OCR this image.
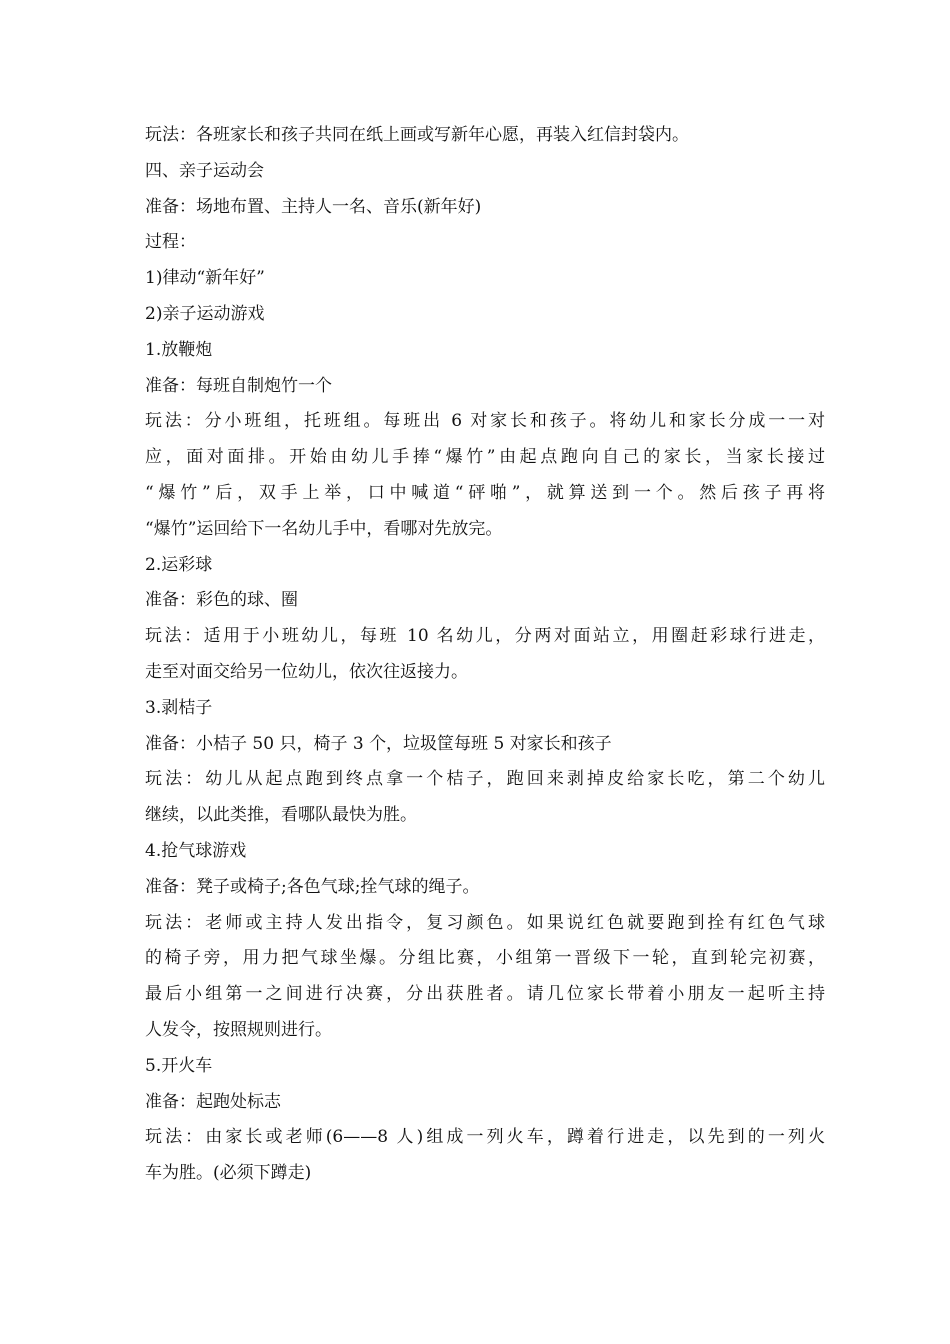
玩法：各班家长和孩子共同在纸上画或写新年心愿，再装入红信封袋内。
四、亲子运动会
准备：场地布置、主持人一名、音乐(新年好)
过程：
1)律动“新年好”
2)亲子运动游戏
1.放鞭炮
准备：每班自制炮竹一个
玩法：分小班组，托班组。每班出 6 对家长和孩子。将幼儿和家长分成一一对
应，面对面排。开始由幼儿手捧“爆竹”由起点跑向自己的家长，当家长接过
“爆竹”后，双手上举，口中喊道“砰啪”，就算送到一个。然后孩子再将
“爆竹”运回给下一名幼儿手中，看哪对先放完。
2.运彩球
准备：彩色的球、圈
玩法：适用于小班幼儿，每班 10 名幼儿，分两对面站立，用圈赶彩球行进走，
走至对面交给另一位幼儿，依次往返接力。
3.剥桔子
准备：小桔子 50 只，椅子 3 个，垃圾筐每班 5 对家长和孩子
玩法：幼儿从起点跑到终点拿一个桔子，跑回来剥掉皮给家长吃，第二个幼儿
继续，以此类推，看哪队最快为胜。
4.抢气球游戏
准备：凳子或椅子;各色气球;拴气球的绳子。
玩法：老师或主持人发出指令，复习颜色。如果说红色就要跑到拴有红色气球
的椅子旁，用力把气球坐爆。分组比赛，小组第一晋级下一轮，直到轮完初赛，
最后小组第一之间进行决赛，分出获胜者。请几位家长带着小朋友一起听主持
人发令，按照规则进行。
5.开火车
准备：起跑处标志
玩法：由家长或老师(6——8 人)组成一列火车，蹲着行进走，以先到的一列火
车为胜。(必须下蹲走)
